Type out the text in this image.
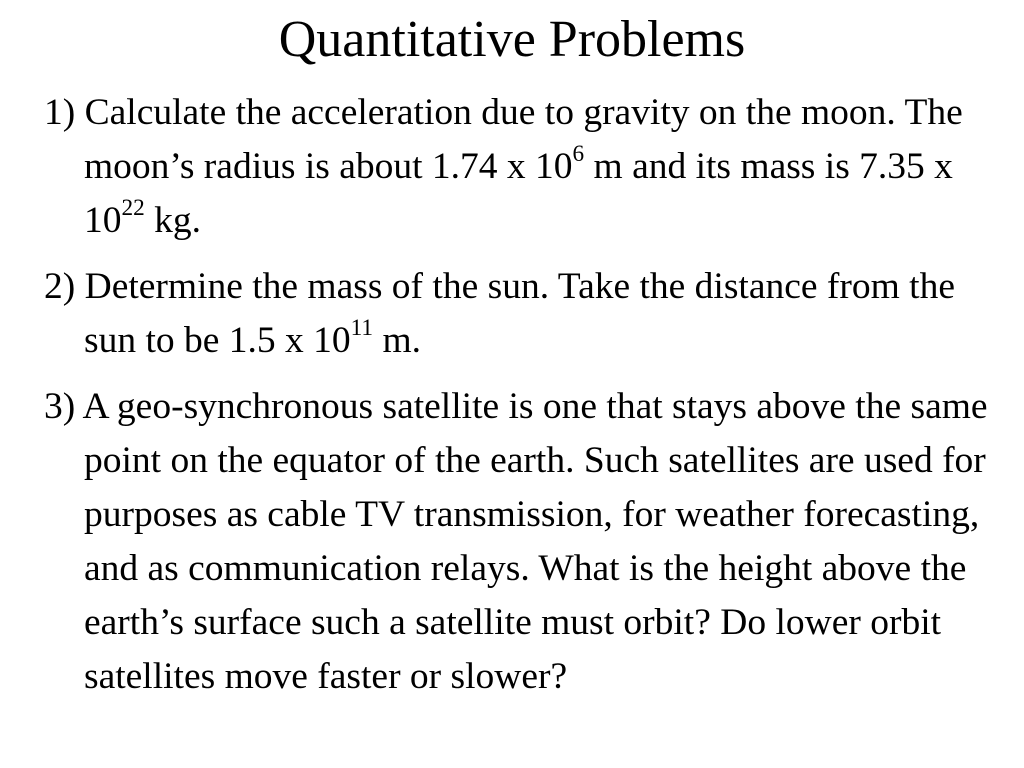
Quantitative Problems
1) Calculate the acceleration due to gravity on the moon. The moon’s radius is about 1.74 x $10^6$ m and its mass is 7.35 x $10^{22}$ kg.
2) Determine the mass of the sun. Take the distance from the sun to be 1.5 x $10^{11}$ m.
3) A geo-synchronous satellite is one that stays above the same point on the equator of the earth. Such satellites are used for purposes as cable TV transmission, for weather forecasting, and as communication relays. What is the height above the earth’s surface such a satellite must orbit? Do lower orbit satellites move faster or slower?
